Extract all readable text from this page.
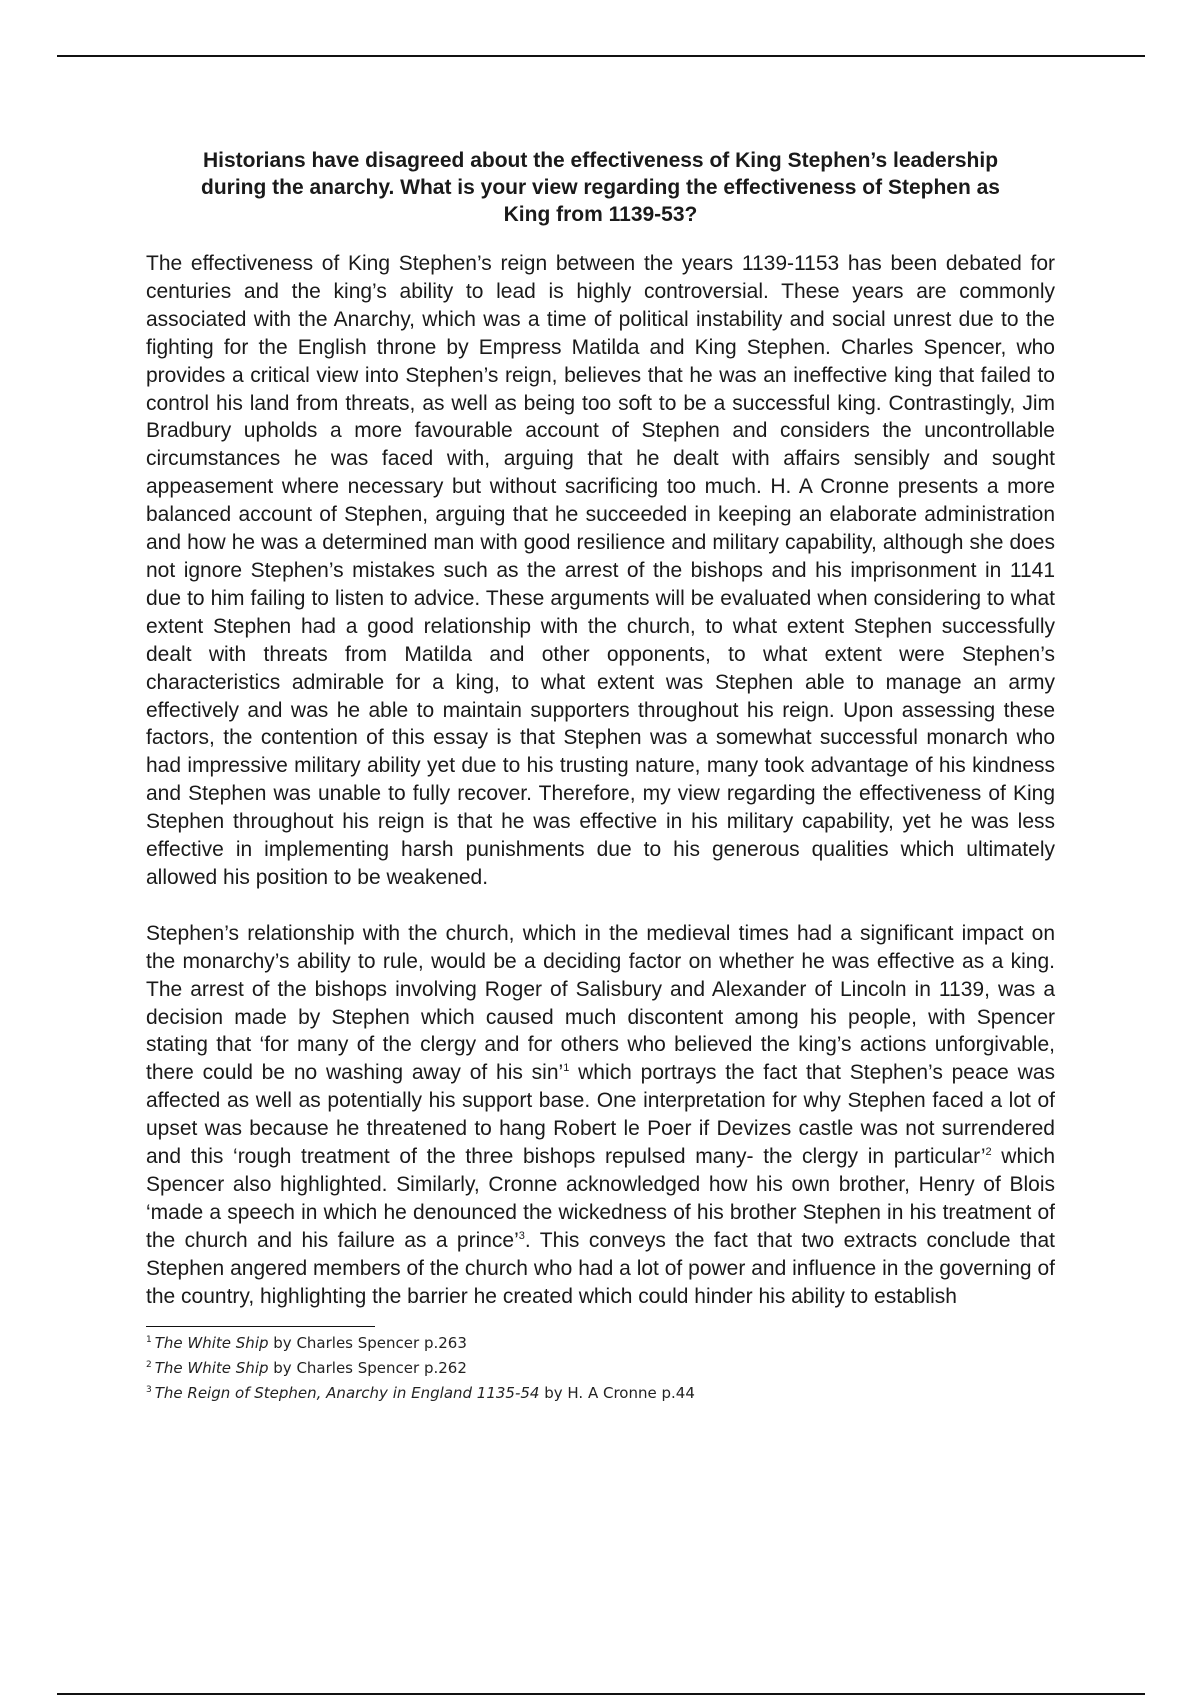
Historians have disagreed about the effectiveness of King Stephen’s leadership during the anarchy. What is your view regarding the effectiveness of Stephen as King from 1139-53?

The effectiveness of King Stephen’s reign between the years 1139-1153 has been debated for centuries and the king’s ability to lead is highly controversial. These years are commonly associated with the Anarchy, which was a time of political instability and social unrest due to the fighting for the English throne by Empress Matilda and King Stephen. Charles Spencer, who provides a critical view into Stephen’s reign, believes that he was an ineffective king that failed to control his land from threats, as well as being too soft to be a successful king. Contrastingly, Jim Bradbury upholds a more favourable account of Stephen and considers the uncontrollable circumstances he was faced with, arguing that he dealt with affairs sensibly and sought appeasement where necessary but without sacrificing too much. H. A Cronne presents a more balanced account of Stephen, arguing that he succeeded in keeping an elaborate administration and how he was a determined man with good resilience and military capability, although she does not ignore Stephen’s mistakes such as the arrest of the bishops and his imprisonment in 1141 due to him failing to listen to advice. These arguments will be evaluated when considering to what extent Stephen had a good relationship with the church, to what extent Stephen successfully dealt with threats from Matilda and other opponents, to what extent were Stephen’s characteristics admirable for a king, to what extent was Stephen able to manage an army effectively and was he able to maintain supporters throughout his reign. Upon assessing these factors, the contention of this essay is that Stephen was a somewhat successful monarch who had impressive military ability yet due to his trusting nature, many took advantage of his kindness and Stephen was unable to fully recover. Therefore, my view regarding the effectiveness of King Stephen throughout his reign is that he was effective in his military capability, yet he was less effective in implementing harsh punishments due to his generous qualities which ultimately allowed his position to be weakened.

Stephen’s relationship with the church, which in the medieval times had a significant impact on the monarchy’s ability to rule, would be a deciding factor on whether he was effective as a king. The arrest of the bishops involving Roger of Salisbury and Alexander of Lincoln in 1139, was a decision made by Stephen which caused much discontent among his people, with Spencer stating that ‘for many of the clergy and for others who believed the king’s actions unforgivable, there could be no washing away of his sin’$^1$ which portrays the fact that Stephen’s peace was affected as well as potentially his support base. One interpretation for why Stephen faced a lot of upset was because he threatened to hang Robert le Poer if Devizes castle was not surrendered and this ‘rough treatment of the three bishops repulsed many- the clergy in particular’$^2$ which Spencer also highlighted. Similarly, Cronne acknowledged how his own brother, Henry of Blois ‘made a speech in which he denounced the wickedness of his brother Stephen in his treatment of the church and his failure as a prince’$^3$. This conveys the fact that two extracts conclude that Stephen angered members of the church who had a lot of power and influence in the governing of the country, highlighting the barrier he created which could hinder his ability to establish

$^1$ The White Ship by Charles Spencer p.263
$^2$ The White Ship by Charles Spencer p.262
$^3$ The Reign of Stephen, Anarchy in England 1135-54 by H. A Cronne p.44
